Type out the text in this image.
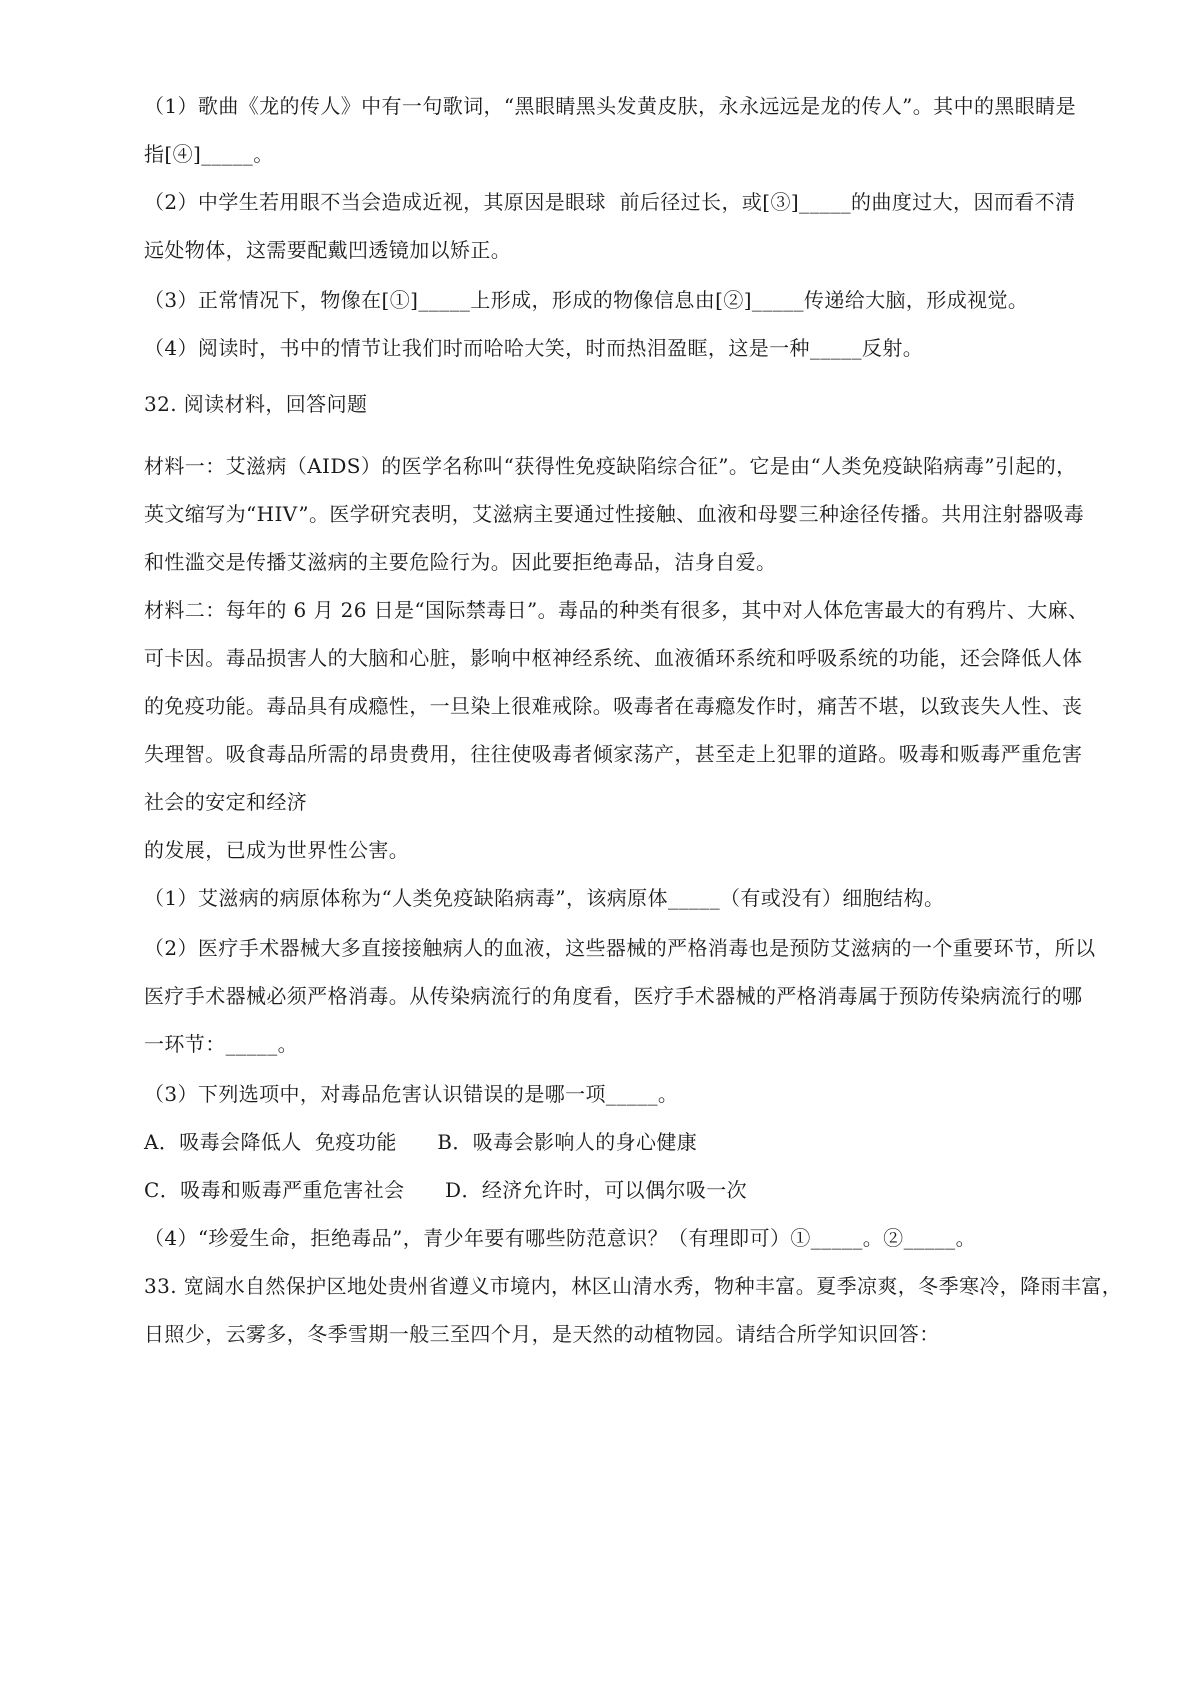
（1）歌曲《龙的传人》中有一句歌词，“黑眼睛黑头发黄皮肤，永永远远是龙的传人”。其中的黑眼睛是
指[④]_____。
（2）中学生若用眼不当会造成近视，其原因是眼球  前后径过长，或[③]_____的曲度过大，因而看不清
远处物体，这需要配戴凹透镜加以矫正。
（3）正常情况下，物像在[①]_____上形成，形成的物像信息由[②]_____传递给大脑，形成视觉。
（4）阅读时，书中的情节让我们时而哈哈大笑，时而热泪盈眶，这是一种_____反射。
32. 阅读材料，回答问题
材料一：艾滋病（AIDS）的医学名称叫“获得性免疫缺陷综合征”。它是由“人类免疫缺陷病毒”引起的，
英文缩写为“HIV”。医学研究表明，艾滋病主要通过性接触、血液和母婴三种途径传播。共用注射器吸毒
和性滥交是传播艾滋病的主要危险行为。因此要拒绝毒品，洁身自爱。
材料二：每年的 6 月 26 日是“国际禁毒日”。毒品的种类有很多，其中对人体危害最大的有鸦片、大麻、
可卡因。毒品损害人的大脑和心脏，影响中枢神经系统、血液循环系统和呼吸系统的功能，还会降低人体
的免疫功能。毒品具有成瘾性，一旦染上很难戒除。吸毒者在毒瘾发作时，痛苦不堪，以致丧失人性、丧
失理智。吸食毒品所需的昂贵费用，往往使吸毒者倾家荡产，甚至走上犯罪的道路。吸毒和贩毒严重危害
社会的安定和经济
的发展，已成为世界性公害。
（1）艾滋病的病原体称为“人类免疫缺陷病毒”，该病原体_____（有或没有）细胞结构。
（2）医疗手术器械大多直接接触病人的血液，这些器械的严格消毒也是预防艾滋病的一个重要环节，所以
医疗手术器械必须严格消毒。从传染病流行的角度看，医疗手术器械的严格消毒属于预防传染病流行的哪
一环节：_____。
（3）下列选项中，对毒品危害认识错误的是哪一项_____。
A．吸毒会降低人  免疫功能      B．吸毒会影响人的身心健康
C．吸毒和贩毒严重危害社会      D．经济允许时，可以偶尔吸一次
（4）“珍爱生命，拒绝毒品”，青少年要有哪些防范意识？（有理即可）①_____。②_____。
33. 宽阔水自然保护区地处贵州省遵义市境内，林区山清水秀，物种丰富。夏季凉爽，冬季寒冷，降雨丰富，
日照少，云雾多，冬季雪期一般三至四个月，是天然的动植物园。请结合所学知识回答：
